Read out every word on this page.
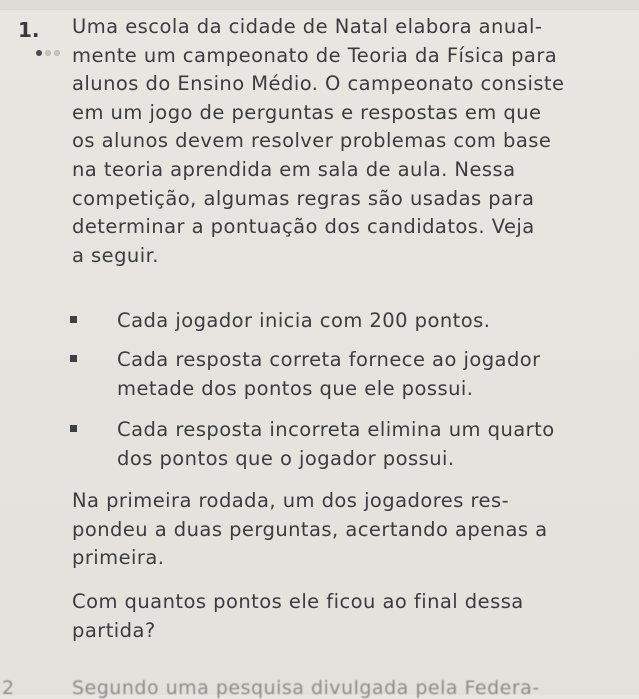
1. Uma escola da cidade de Natal elabora anual-
mente um campeonato de Teoria da Física para
alunos do Ensino Médio. O campeonato consiste
em um jogo de perguntas e respostas em que
os alunos devem resolver problemas com base
na teoria aprendida em sala de aula. Nessa
competição, algumas regras são usadas para
determinar a pontuação dos candidatos. Veja
a seguir.
Cada jogador inicia com 200 pontos.
Cada resposta correta fornece ao jogador
metade dos pontos que ele possui.
Cada resposta incorreta elimina um quarto
dos pontos que o jogador possui.
Na primeira rodada, um dos jogadores res-
pondeu a duas perguntas, acertando apenas a
primeira.
Com quantos pontos ele ficou ao final dessa
partida?
2	Segundo uma pesquisa divulgada pela Federa-
